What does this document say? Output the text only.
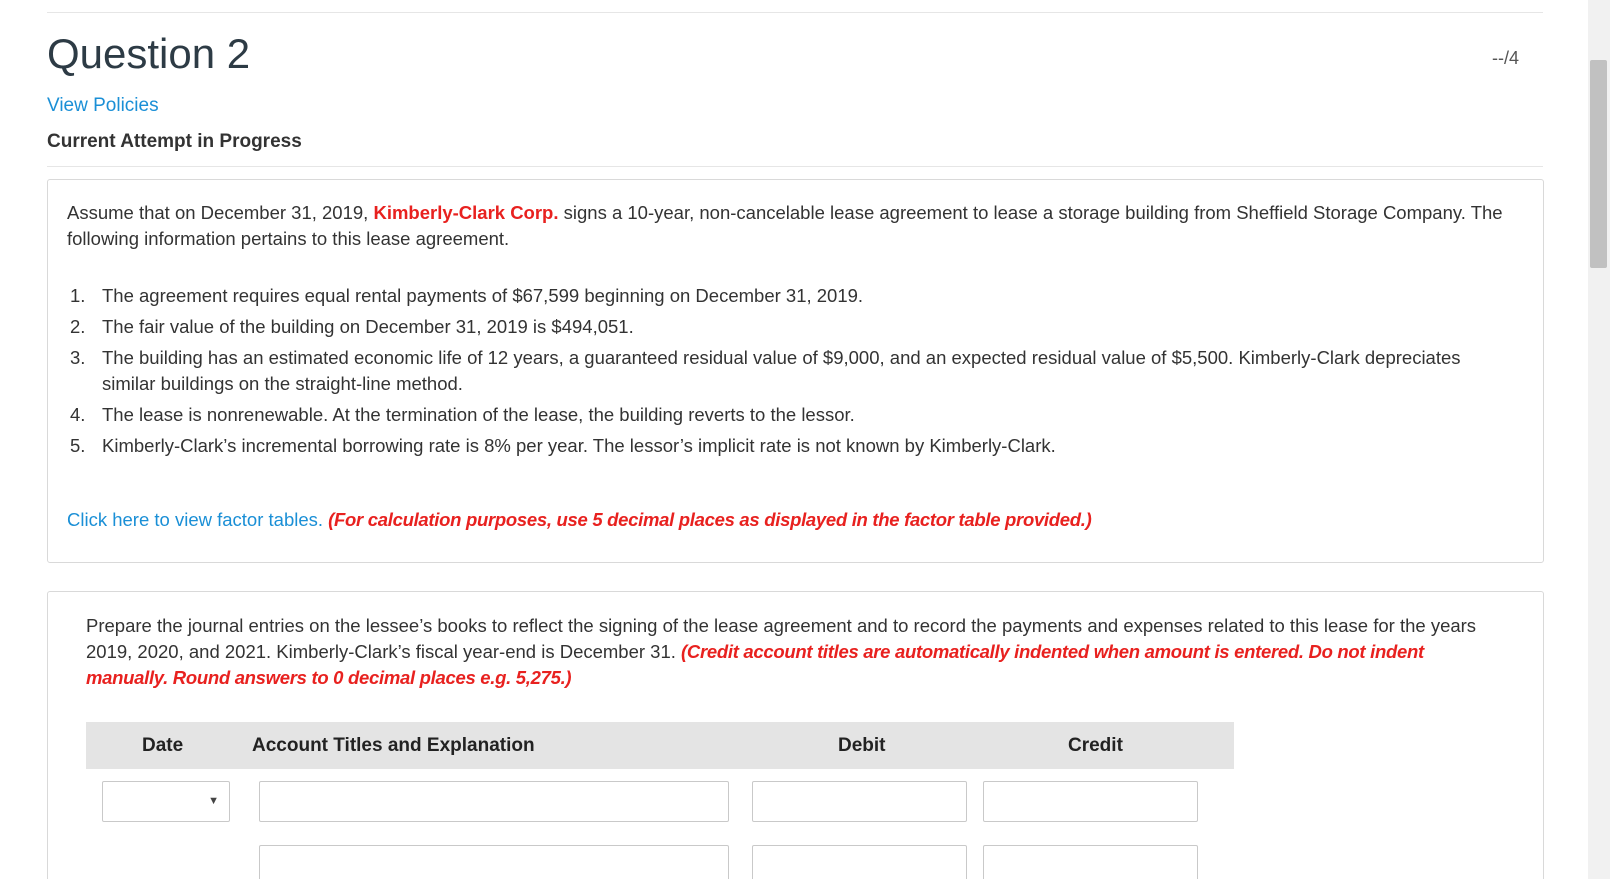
Question 2	--/4
View Policies
Current Attempt in Progress
Assume that on December 31, 2019, Kimberly-Clark Corp. signs a 10-year, non-cancelable lease agreement to lease a storage building from Sheffield Storage Company. The following information pertains to this lease agreement.
1. The agreement requires equal rental payments of $67,599 beginning on December 31, 2019.
2. The fair value of the building on December 31, 2019 is $494,051.
3. The building has an estimated economic life of 12 years, a guaranteed residual value of $9,000, and an expected residual value of $5,500. Kimberly-Clark depreciates similar buildings on the straight-line method.
4. The lease is nonrenewable. At the termination of the lease, the building reverts to the lessor.
5. Kimberly-Clark’s incremental borrowing rate is 8% per year. The lessor’s implicit rate is not known by Kimberly-Clark.
Click here to view factor tables. (For calculation purposes, use 5 decimal places as displayed in the factor table provided.)
Prepare the journal entries on the lessee’s books to reflect the signing of the lease agreement and to record the payments and expenses related to this lease for the years 2019, 2020, and 2021. Kimberly-Clark’s fiscal year-end is December 31. (Credit account titles are automatically indented when amount is entered. Do not indent manually. Round answers to 0 decimal places e.g. 5,275.)
Date	Account Titles and Explanation	Debit	Credit
▼
